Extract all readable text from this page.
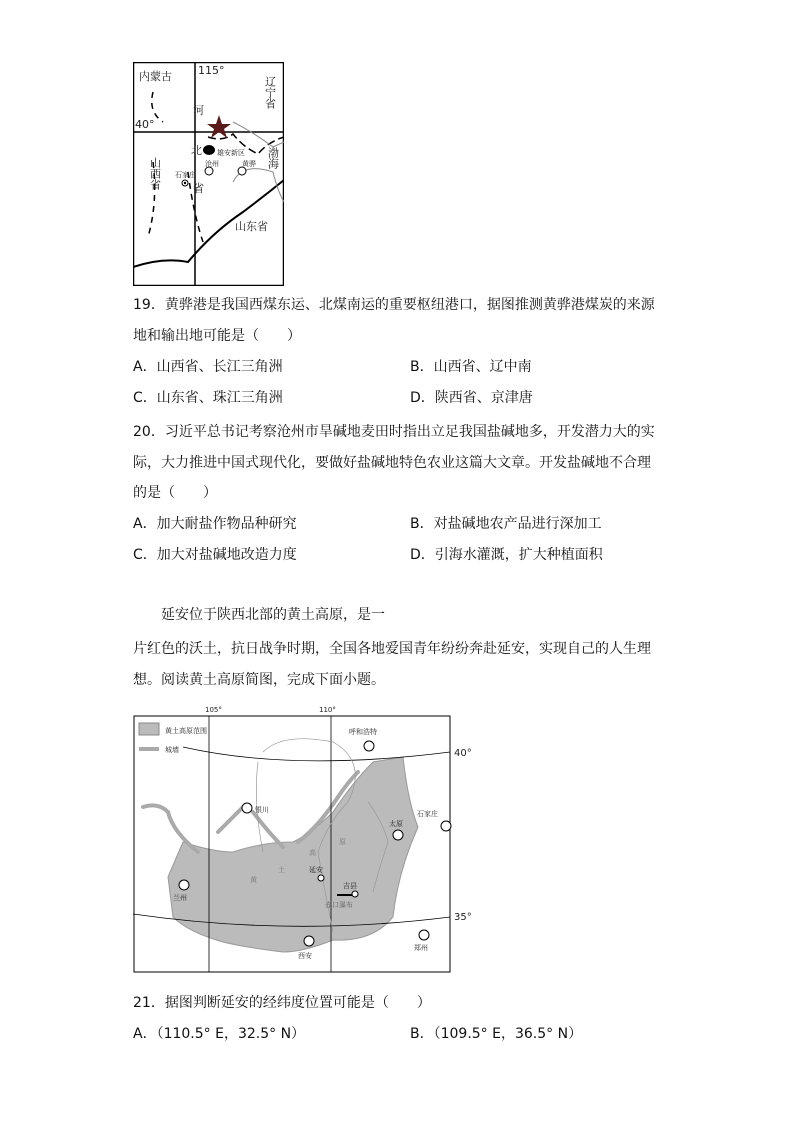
内蒙古 115°
辽宁省
河
40°
北 雄安新区
沧州	黄骅 渤海
山西省 石家庄
省
山东省
19．黄骅港是我国西煤东运、北煤南运的重要枢纽港口，据图推测黄骅港煤炭的来源
地和输出地可能是（　　）
A．山西省、长江三角洲	B．山西省、辽中南
C．山东省、珠江三角洲	D．陕西省、京津唐
20．习近平总书记考察沧州市旱碱地麦田时指出立足我国盐碱地多，开发潜力大的实
际，大力推进中国式现代化，要做好盐碱地特色农业这篇大文章。开发盐碱地不合理
的是（　　）
A．加大耐盐作物品种研究	B．对盐碱地农产品进行深加工
C．加大对盐碱地改造力度	D．引海水灌溉，扩大种植面积
延安位于陕西北部的黄土高原，是一
片红色的沃土，抗日战争时期，全国各地爱国青年纷纷奔赴延安，实现自己的人生理
想。阅读黄土高原简图，完成下面小题。
105°	110°
40°
35°
黄土高原范围
城墙
呼和浩特
银川
太原
石家庄
延安
吉县
壶口瀑布
兰州
西安
郑州
黄
土
高
原
21．据图判断延安的经纬度位置可能是（　　）
A．（110.5° E，32.5° N）	B．（109.5° E，36.5° N）
